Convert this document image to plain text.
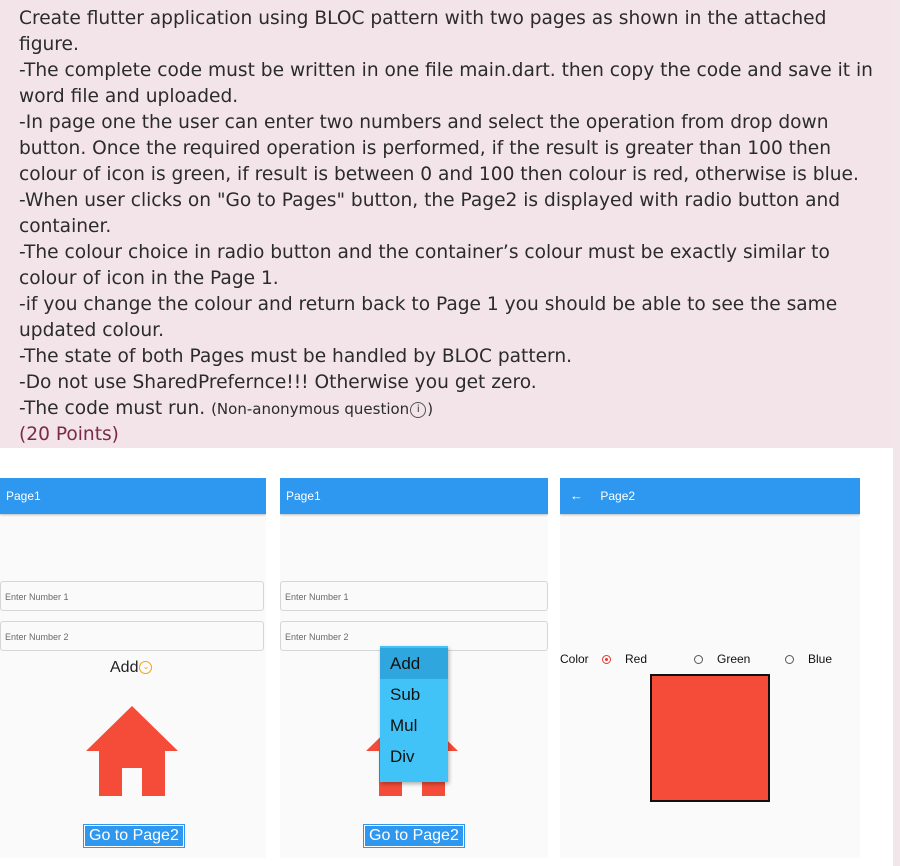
Create flutter application using BLOC pattern with two pages as shown in the attached figure.

-The complete code must be written in one file main.dart. then copy the code and save it in word file and uploaded.

-In page one the user can enter two numbers and select the operation from drop down button. Once the required operation is performed, if the result is greater than 100 then colour of icon is green, if result is between 0 and 100 then colour is red, otherwise is blue.

-When user clicks on "Go to Pages" button, the Page2 is displayed with radio button and container.

-The colour choice in radio button and the container’s colour must be exactly similar to colour of icon in the Page 1.

-if you change the colour and return back to Page 1 you should be able to see the same updated colour.

-The state of both Pages must be handled by BLOC pattern.

-Do not use SharedPrefernce!!! Otherwise you get zero.

-The code must run. (Non-anonymous question i )

(20 Points)

Page1
Enter Number 1
Enter Number 2
Add ⌄
Go to Page2
Page1
Enter Number 1
Enter Number 2
Go to Page2
Add
Sub
Mul
Div
← Page2
Color	Red	Green	Blue
